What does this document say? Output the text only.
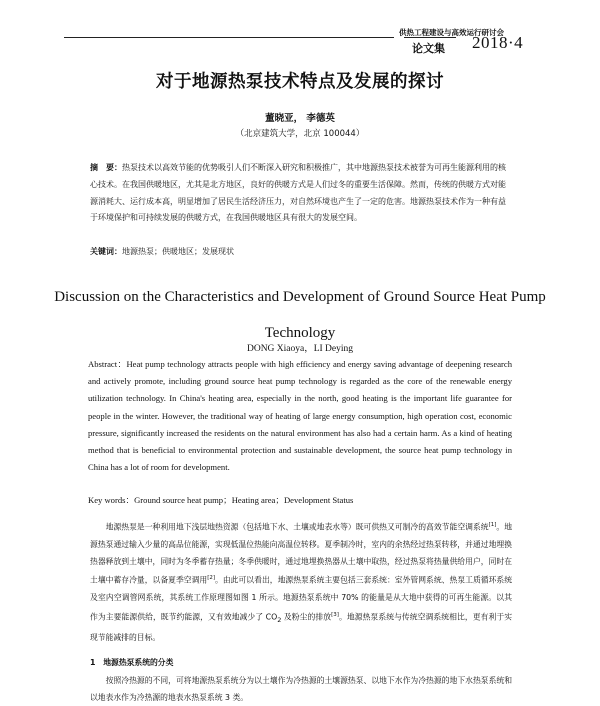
供热工程建设与高效运行研讨会
论文集 2018·4
对于地源热泵技术特点及发展的探讨
董晓亚， 李德英
（北京建筑大学，北京 100044）

摘　要：热泵技术以高效节能的优势吸引人们不断深入研究和积极推广，其中地源热泵技术被誉为可再生能源利用的核心技术。在我国供暖地区，尤其是北方地区，良好的供暖方式是人们过冬的重要生活保障。然而，传统的供暖方式对能源消耗大、运行成本高，明显增加了居民生活经济压力，对自然环境也产生了一定的危害。地源热泵技术作为一种有益于环境保护和可持续发展的供暖方式，在我国供暖地区具有很大的发展空间。

关键词：地源热泵；供暖地区；发展现状

Discussion on the Characteristics and Development of Ground Source Heat Pump Technology

DONG Xiaoya，LI Deying

Abstract：Heat pump technology attracts people with high efficiency and energy saving advantage of deepening research and actively promote, including ground source heat pump technology is regarded as the core of the renewable energy utilization technology. In China's heating area, especially in the north, good heating is the important life guarantee for people in the winter. However, the traditional way of heating of large energy consumption, high operation cost, economic pressure, significantly increased the residents on the natural environment has also had a certain harm. As a kind of heating method that is beneficial to environmental protection and sustainable development, the source heat pump technology in China has a lot of room for development.

Key words：Ground source heat pump；Heating area；Development Status

　　地源热泵是一种利用地下浅层地热资源（包括地下水、土壤或地表水等）既可供热又可制冷的高效节能空调系统[1]。地源热泵通过输入少量的高品位能源，实现低温位热能向高温位转移。夏季制冷时，室内的余热经过热泵转移，并通过地埋换热器释放到土壤中，同时为冬季蓄存热量；冬季供暖时，通过地埋换热器从土壤中取热，经过热泵将热量供给用户，同时在土壤中蓄存冷量，以备夏季空调用[2]。由此可以看出，地源热泵系统主要包括三套系统：室外管网系统、热泵工质循环系统及室内空调管网系统，其系统工作原理图如图 1 所示。地源热泵系统中 70% 的能量是从大地中获得的可再生能源。以其作为主要能源供给，既节约能源，又有效地减少了 $CO_2$ 及粉尘的排放[3]。地源热泵系统与传统空调系统相比，更有利于实现节能减排的目标。

1　地源热泵系统的分类

　　按照冷热源的不同，可将地源热泵系统分为以土壤作为冷热源的土壤源热泵、以地下水作为冷热源的地下水热泵系统和以地表水作为冷热源的地表水热泵系统 3 类。
